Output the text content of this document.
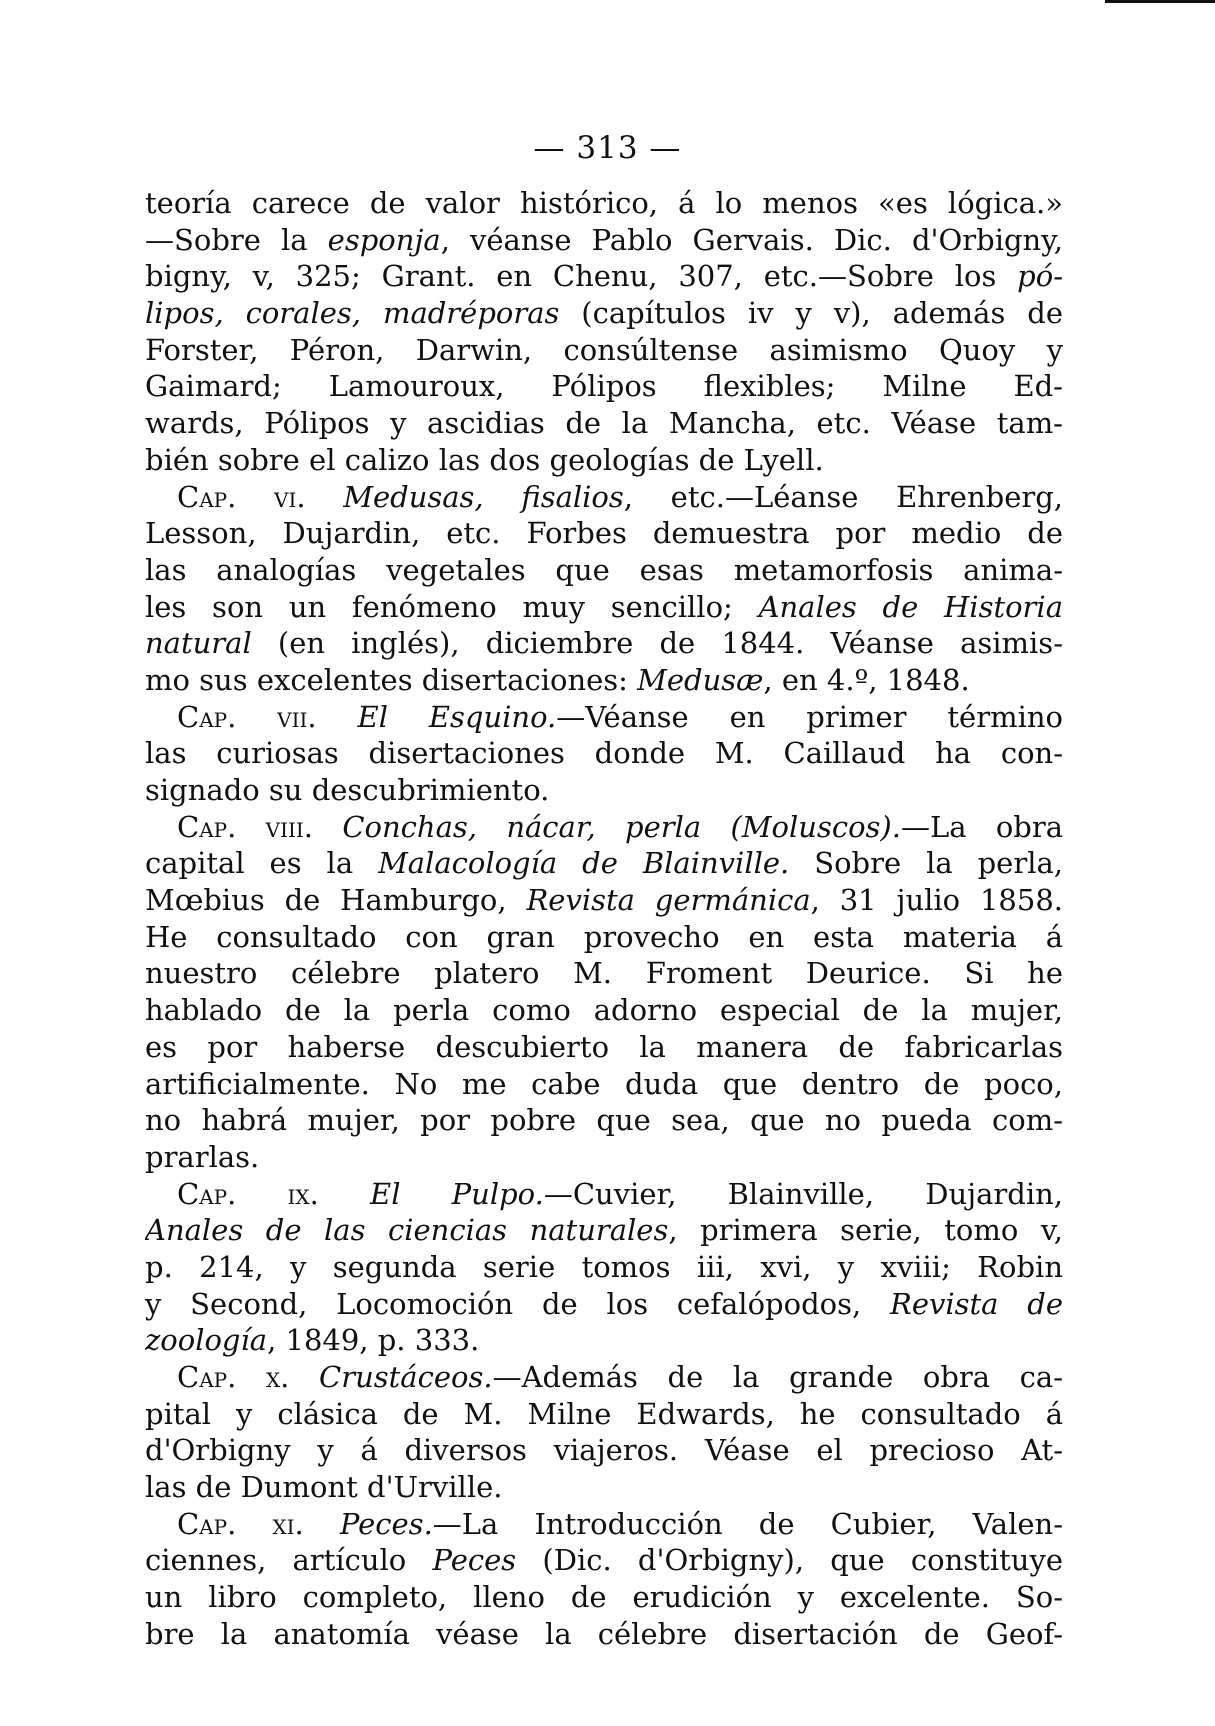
— 313 —
teoría carece de valor histórico, á lo menos «es lógica.»
—Sobre la esponja, véanse Pablo Gervais. Dic. d'Orbigny,
bigny, v, 325; Grant. en Chenu, 307, etc.—Sobre los pó-
lipos, corales, madréporas (capítulos iv y v), además de
Forster, Péron, Darwin, consúltense asimismo Quoy y
Gaimard; Lamouroux, Pólipos flexibles; Milne Ed-
wards, Pólipos y ascidias de la Mancha, etc. Véase tam-
bién sobre el calizo las dos geologías de Lyell.
Cap. vi. Medusas, fisalios, etc.—Léanse Ehrenberg,
Lesson, Dujardin, etc. Forbes demuestra por medio de
las analogías vegetales que esas metamorfosis anima-
les son un fenómeno muy sencillo; Anales de Historia
natural (en inglés), diciembre de 1844. Véanse asimis-
mo sus excelentes disertaciones: Medusæ, en 4.º, 1848.
Cap. vii. El Esquino.—Véanse en primer término
las curiosas disertaciones donde M. Caillaud ha con-
signado su descubrimiento.
Cap. viii. Conchas, nácar, perla (Moluscos).—La obra
capital es la Malacología de Blainville. Sobre la perla,
Mœbius de Hamburgo, Revista germánica, 31 julio 1858.
He consultado con gran provecho en esta materia á
nuestro célebre platero M. Froment Deurice. Si he
hablado de la perla como adorno especial de la mujer,
es por haberse descubierto la manera de fabricarlas
artificialmente. No me cabe duda que dentro de poco,
no habrá mujer, por pobre que sea, que no pueda com-
prarlas.
Cap. ix. El Pulpo.—Cuvier, Blainville, Dujardin,
Anales de las ciencias naturales, primera serie, tomo v,
p. 214, y segunda serie tomos iii, xvi, y xviii; Robin
y Second, Locomoción de los cefalópodos, Revista de
zoología, 1849, p. 333.
Cap. x. Crustáceos.—Además de la grande obra ca-
pital y clásica de M. Milne Edwards, he consultado á
d'Orbigny y á diversos viajeros. Véase el precioso At-
las de Dumont d'Urville.
Cap. xi. Peces.—La Introducción de Cubier, Valen-
ciennes, artículo Peces (Dic. d'Orbigny), que constituye
un libro completo, lleno de erudición y excelente. So-
bre la anatomía véase la célebre disertación de Geof-
